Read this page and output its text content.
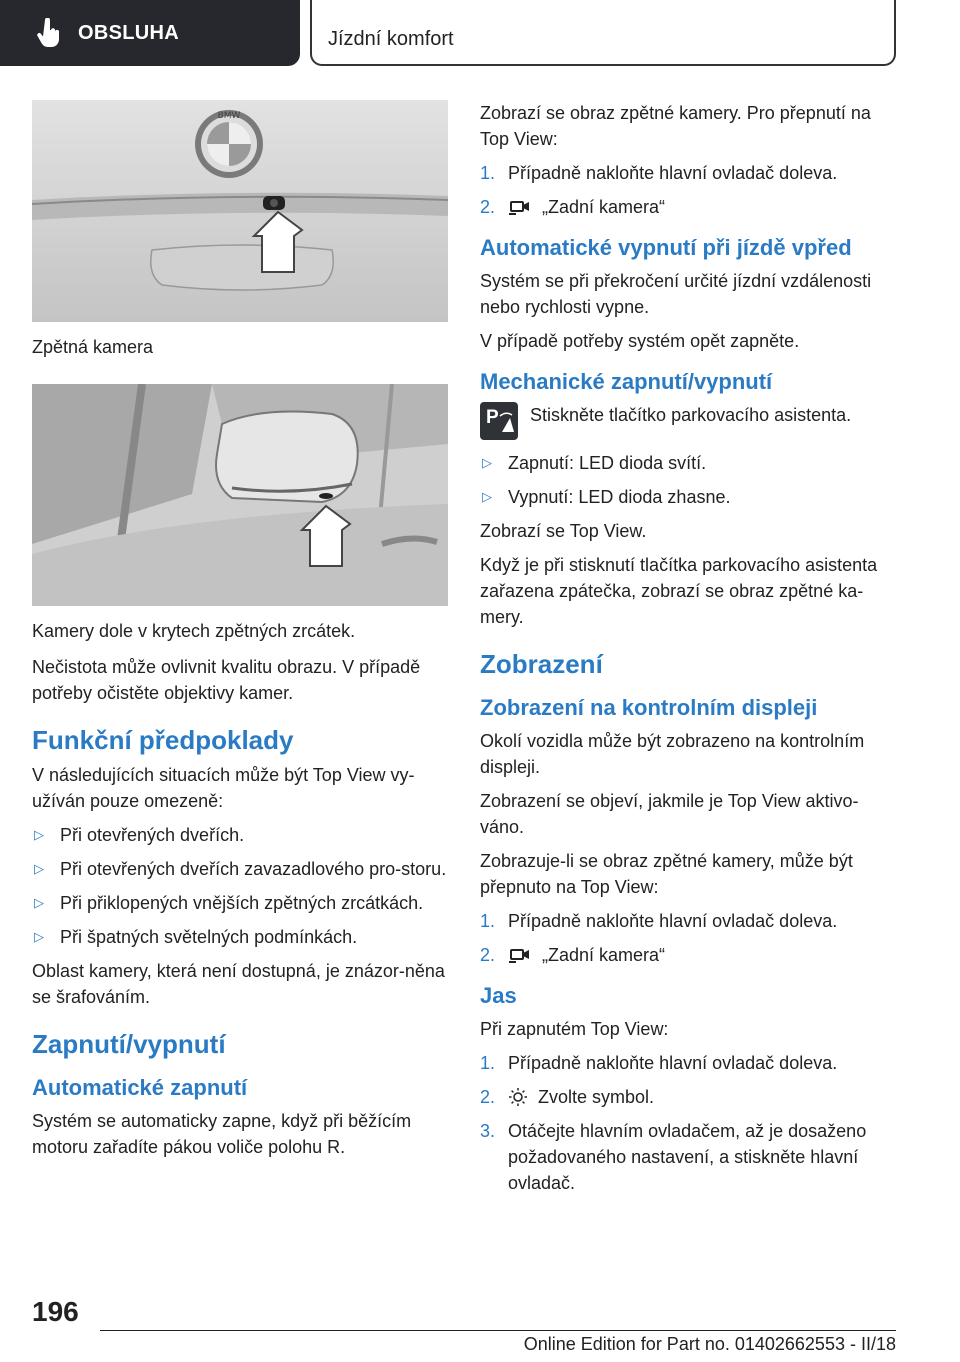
OBSLUHA	Jízdní komfort
BMW
Zpětná kamera
Kamery dole v krytech zpětných zrcátek.

Nečistota může ovlivnit kvalitu obrazu. V případě potřeby očistěte objektivy kamer.

Funkční předpoklady

V následujících situacích může být Top View vy-užíván pouze omezeně:

▷ Při otevřených dveřích.
▷ Při otevřených dveřích zavazadlového pro-storu.
▷ Při přiklopených vnějších zpětných zrcátkách.
▷ Při špatných světelných podmínkách.

Oblast kamery, která není dostupná, je znázor-něna se šrafováním.

Zapnutí/vypnutí
Automatické zapnutí

Systém se automaticky zapne, když při běžícím motoru zařadíte pákou voliče polohu R.

Zobrazí se obraz zpětné kamery. Pro přepnutí na Top View:

1. Případně nakloňte hlavní ovladač doleva.
2.	„Zadní kamera“
Automatické vypnutí při jízdě vpřed

Systém se při překročení určité jízdní vzdálenosti nebo rychlosti vypne.

V případě potřeby systém opět zapněte.

Mechanické zapnutí/vypnutí
P Stiskněte tlačítko parkovacího asistenta.

▷ Zapnutí: LED dioda svítí.
▷ Vypnutí: LED dioda zhasne.

Zobrazí se Top View.

Když je při stisknutí tlačítka parkovacího asistenta zařazena zpátečka, zobrazí se obraz zpětné ka-mery.

Zobrazení
Zobrazení na kontrolním displeji

Okolí vozidla může být zobrazeno na kontrolním displeji.

Zobrazení se objeví, jakmile je Top View aktivo-váno.

Zobrazuje-li se obraz zpětné kamery, může být přepnuto na Top View:

1. Případně nakloňte hlavní ovladač doleva.
2.	„Zadní kamera“
Jas

Při zapnutém Top View:

1. Případně nakloňte hlavní ovladač doleva.
2. Zvolte symbol.
3. Otáčejte hlavním ovladačem, až je dosaženo požadovaného nastavení, a stiskněte hlavní ovladač.
196
Online Edition for Part no. 01402662553 - II/18
